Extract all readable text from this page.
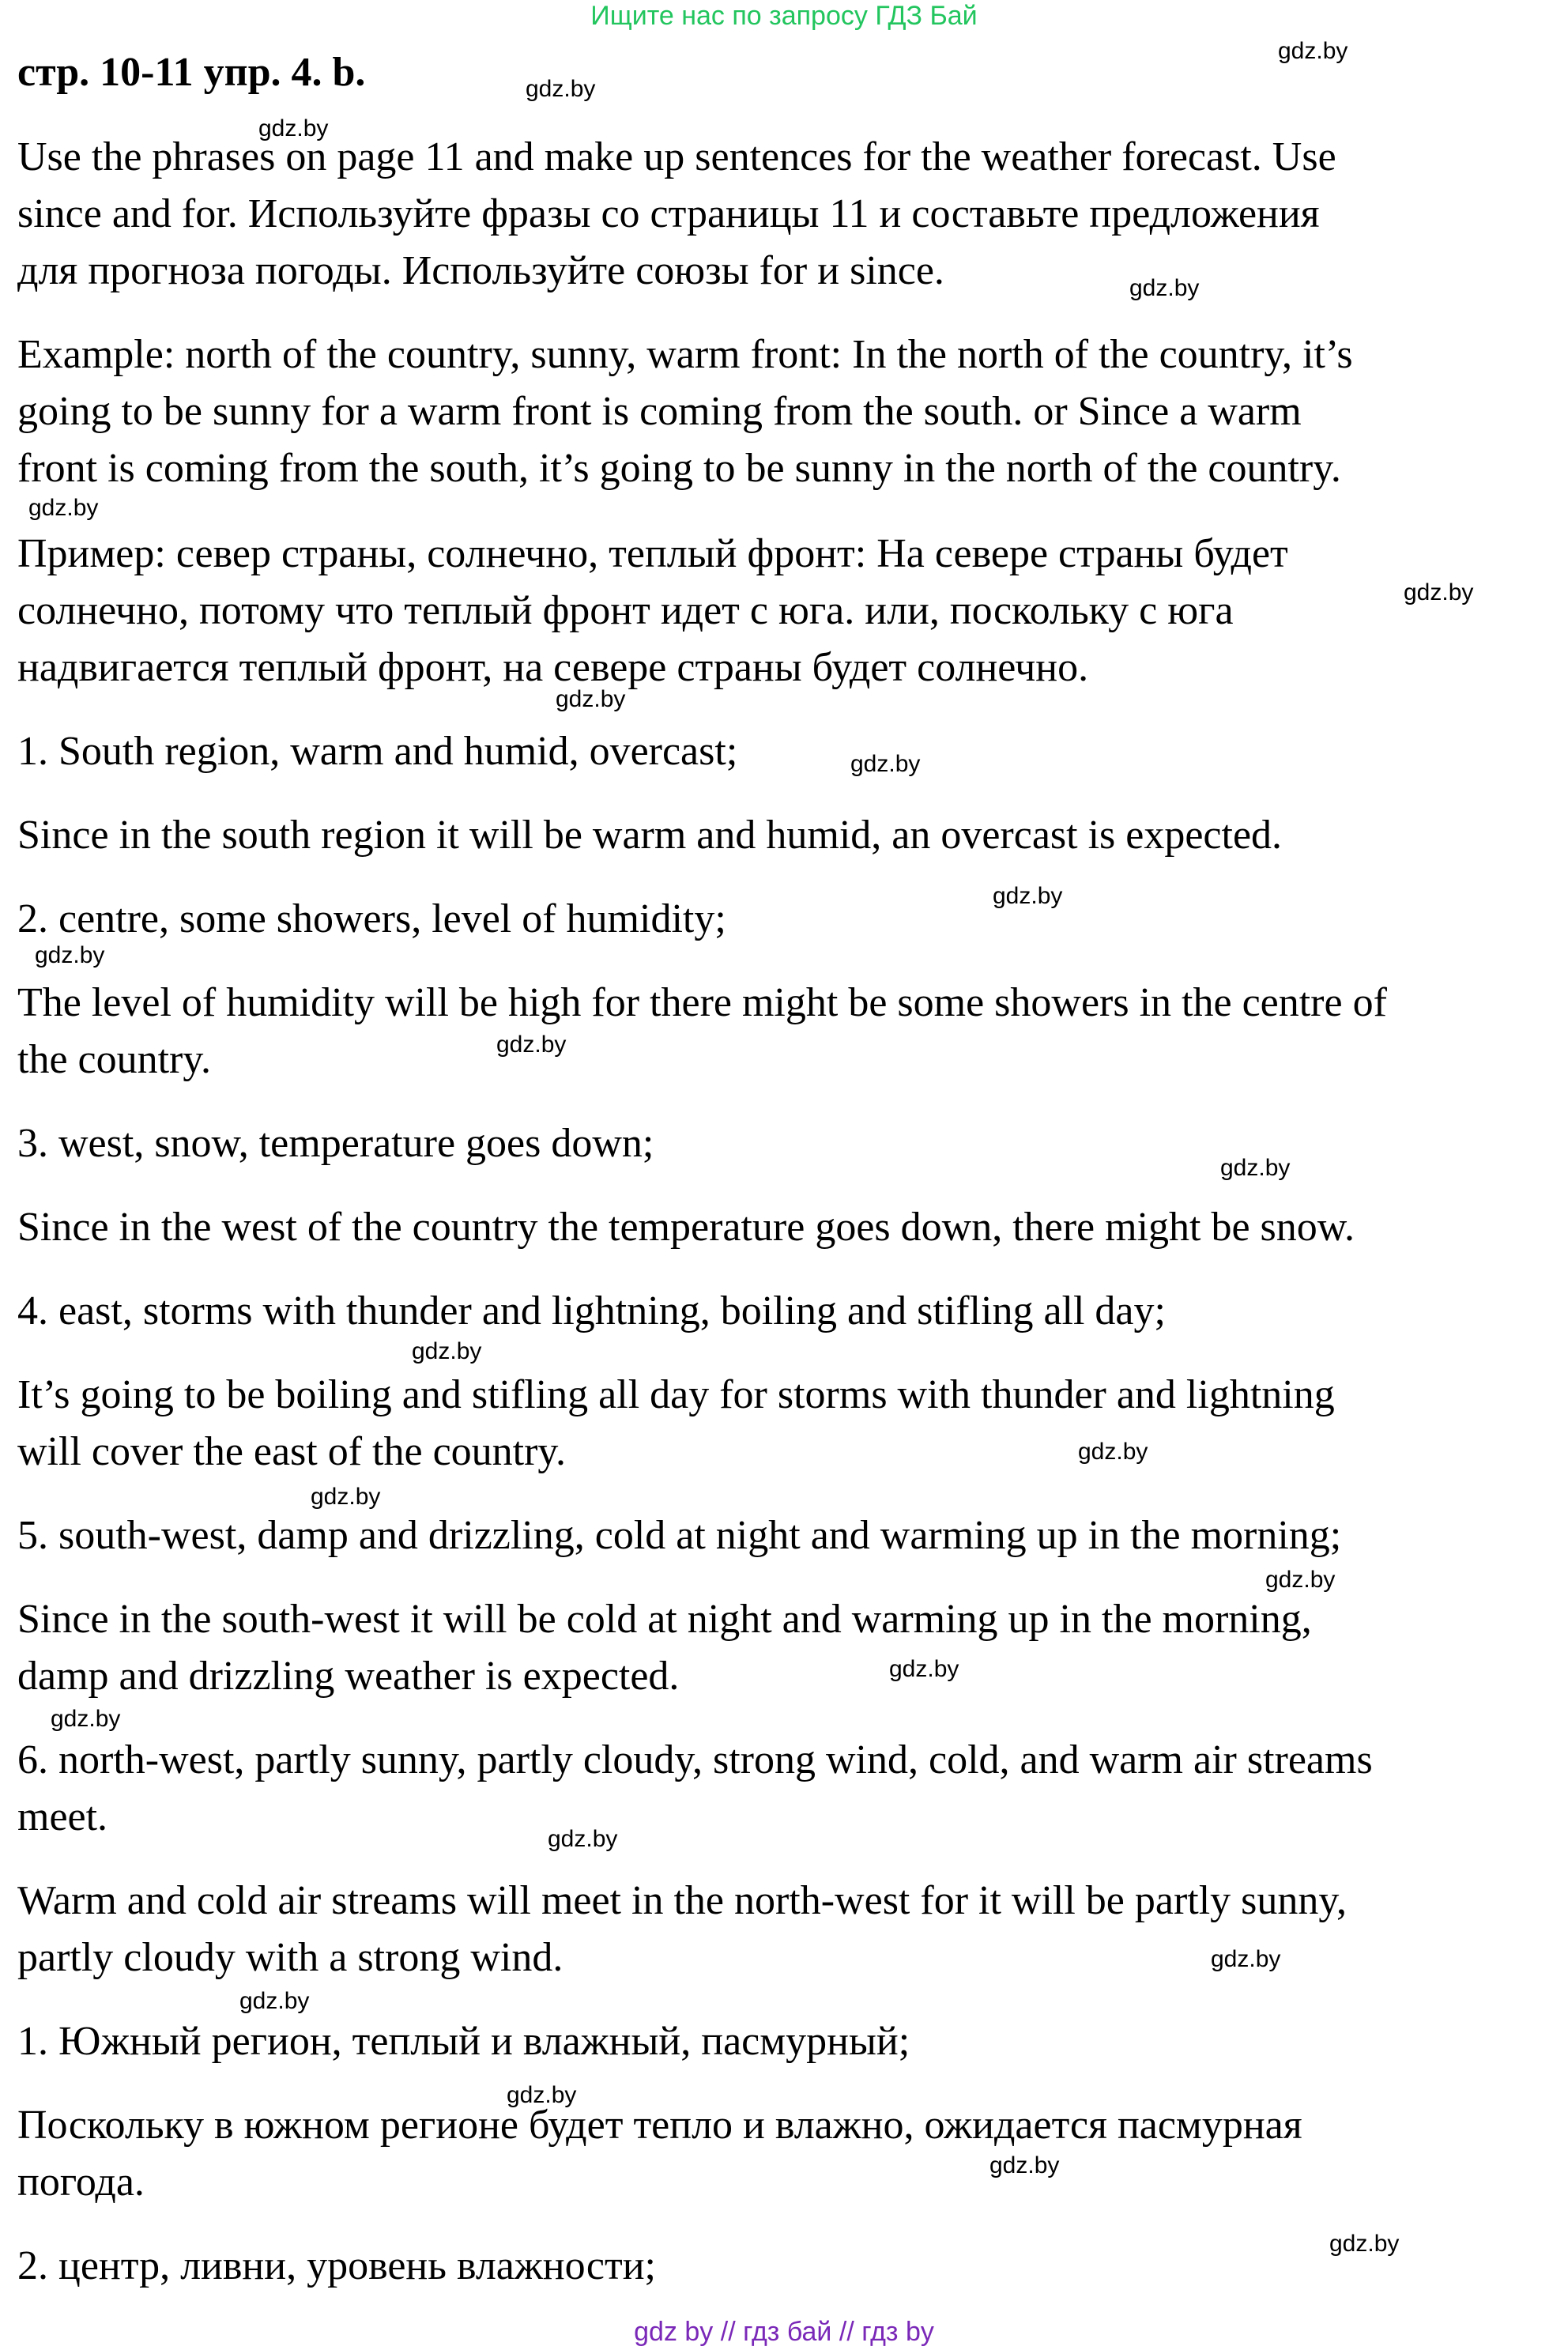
Ищите нас по запросу ГДЗ Бай
стр. 10-11 упр. 4. b.

Use the phrases on page 11 and make up sentences for the weather forecast. Use

since and for. Используйте фразы со страницы 11 и составьте предложения

для прогноза погоды. Используйте союзы for и since.

Example: north of the country, sunny, warm front: In the north of the country, it’s

going to be sunny for a warm front is coming from the south. or Since a warm

front is coming from the south, it’s going to be sunny in the north of the country.

Пример: север страны, солнечно, теплый фронт: На севере страны будет

солнечно, потому что теплый фронт идет с юга. или, поскольку с юга

надвигается теплый фронт, на севере страны будет солнечно.

1. South region, warm and humid, overcast;

Since in the south region it will be warm and humid, an overcast is expected.

2. centre, some showers, level of humidity;

The level of humidity will be high for there might be some showers in the centre of

the country.

3. west, snow, temperature goes down;

Since in the west of the country the temperature goes down, there might be snow.

4. east, storms with thunder and lightning, boiling and stifling all day;

It’s going to be boiling and stifling all day for storms with thunder and lightning

will cover the east of the country.

5. south-west, damp and drizzling, cold at night and warming up in the morning;

Since in the south-west it will be cold at night and warming up in the morning,

damp and drizzling weather is expected.

6. north-west, partly sunny, partly cloudy, strong wind, cold, and warm air streams

meet.

Warm and cold air streams will meet in the north-west for it will be partly sunny,

partly cloudy with a strong wind.

1. Южный регион, теплый и влажный, пасмурный;

Поскольку в южном регионе будет тепло и влажно, ожидается пасмурная

погода.

2. центр, ливни, уровень влажности;

gdz.by
gdz.by
gdz.by
gdz.by
gdz.by
gdz.by
gdz.by
gdz.by
gdz.by
gdz.by
gdz.by
gdz.by
gdz.by
gdz.by
gdz.by
gdz.by
gdz.by
gdz.by
gdz.by
gdz.by
gdz.by
gdz.by
gdz.by
gdz.by
gdz by // гдз бай // гдз by
